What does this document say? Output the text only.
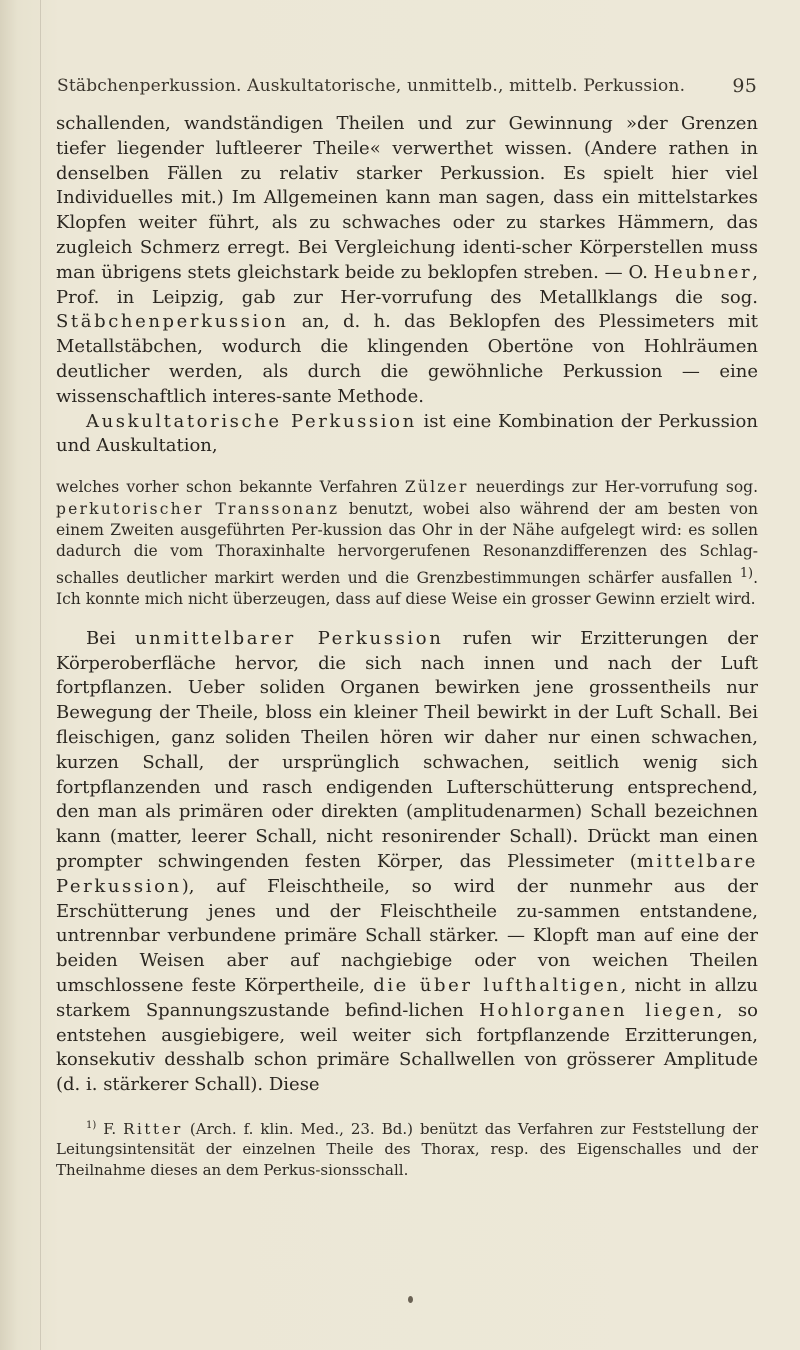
Stäbchenperkussion. Auskultatorische, unmittelb., mittelb. Perkussion. 95

schallenden, wandständigen Theilen und zur Gewinnung »der Grenzen tiefer liegender luftleerer Theile« verwerthet wissen. (Andere rathen in denselben Fällen zu relativ starker Perkussion. Es spielt hier viel Individuelles mit.) Im Allgemeinen kann man sagen, dass ein mittelstarkes Klopfen weiter führt, als zu schwaches oder zu starkes Hämmern, das zugleich Schmerz erregt. Bei Vergleichung identi-scher Körperstellen muss man übrigens stets gleichstark beide zu beklopfen streben. — O. Heubner, Prof. in Leipzig, gab zur Her-vorrufung des Metallklangs die sog. Stäbchenperkussion an, d. h. das Beklopfen des Plessimeters mit Metallstäbchen, wodurch die klingenden Obertöne von Hohlräumen deutlicher werden, als durch die gewöhnliche Perkussion — eine wissenschaftlich interes-sante Methode.

Auskultatorische Perkussion ist eine Kombination der Perkussion und Auskultation,

welches vorher schon bekannte Verfahren Zülzer neuerdings zur Her-vorrufung sog. perkutorischer Transsonanz benutzt, wobei also während der am besten von einem Zweiten ausgeführten Per-kussion das Ohr in der Nähe aufgelegt wird: es sollen dadurch die vom Thoraxinhalte hervorgerufenen Resonanzdifferenzen des Schlag-schalles deutlicher markirt werden und die Grenzbestimmungen schärfer ausfallen $^{1)}$. Ich konnte mich nicht überzeugen, dass auf diese Weise ein grosser Gewinn erzielt wird.

Bei unmittelbarer Perkussion rufen wir Erzitterungen der Körperoberfläche hervor, die sich nach innen und nach der Luft fortpflanzen. Ueber soliden Organen bewirken jene grossentheils nur Bewegung der Theile, bloss ein kleiner Theil bewirkt in der Luft Schall. Bei fleischigen, ganz soliden Theilen hören wir daher nur einen schwachen, kurzen Schall, der ursprünglich schwachen, seitlich wenig sich fortpflanzenden und rasch endigenden Lufterschütterung entsprechend, den man als primären oder direkten (amplitudenarmen) Schall bezeichnen kann (matter, leerer Schall, nicht resonirender Schall). Drückt man einen prompter schwingenden festen Körper, das Plessimeter (mittelbare Perkussion), auf Fleischtheile, so wird der nunmehr aus der Erschütterung jenes und der Fleischtheile zu-sammen entstandene, untrennbar verbundene primäre Schall stärker. — Klopft man auf eine der beiden Weisen aber auf nachgiebige oder von weichen Theilen umschlossene feste Körpertheile, die über lufthaltigen, nicht in allzu starkem Spannungszustande befind-lichen Hohlorganen liegen, so entstehen ausgiebigere, weil weiter sich fortpflanzende Erzitterungen, konsekutiv desshalb schon primäre Schallwellen von grösserer Amplitude (d. i. stärkerer Schall). Diese

$^{1)}$ F. Ritter (Arch. f. klin. Med., 23. Bd.) benützt das Verfahren zur Feststellung der Leitungsintensität der einzelnen Theile des Thorax, resp. des Eigenschalles und der Theilnahme dieses an dem Perkus-sionsschall.
